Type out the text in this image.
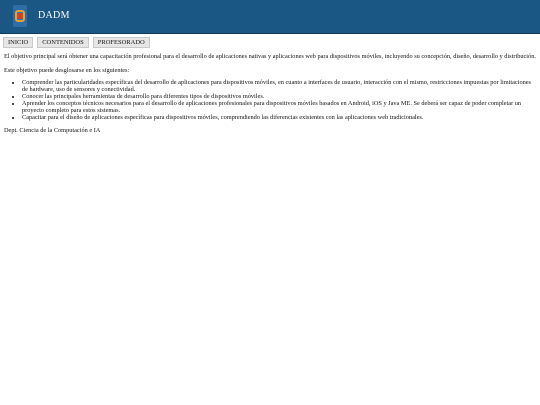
DADM
INICIO	CONTENIDOS	PROFESORADO

El objetivo principal será obtener una capacitación profesional para el desarrollo de aplicaciones nativas y aplicaciones web para dispositivos móviles, incluyendo su concepción, diseño, desarrollo y distribución.

Este objetivo puede desglosarse en los siguientes:

• Comprender las particularidades específicas del desarrollo de aplicaciones para dispositivos móviles, en cuanto a interfaces de usuario, interacción con el mismo, restricciones impuestas por limitaciones de hardware, uso de sensores y conectividad.
• Conocer las principales herramientas de desarrollo para diferentes tipos de dispositivos móviles.
• Aprender los conceptos técnicos necesarios para el desarrollo de aplicaciones profesionales para dispositivos móviles basados en Android, iOS y Java ME. Se deberá ser capaz de poder completar un proyecto completo para estos sistemas.
• Capacitar para el diseño de aplicaciones específicas para dispositivos móviles, comprendiendo las diferencias existentes con las aplicaciones web tradicionales.
Dept. Ciencia de la Computación e IA
